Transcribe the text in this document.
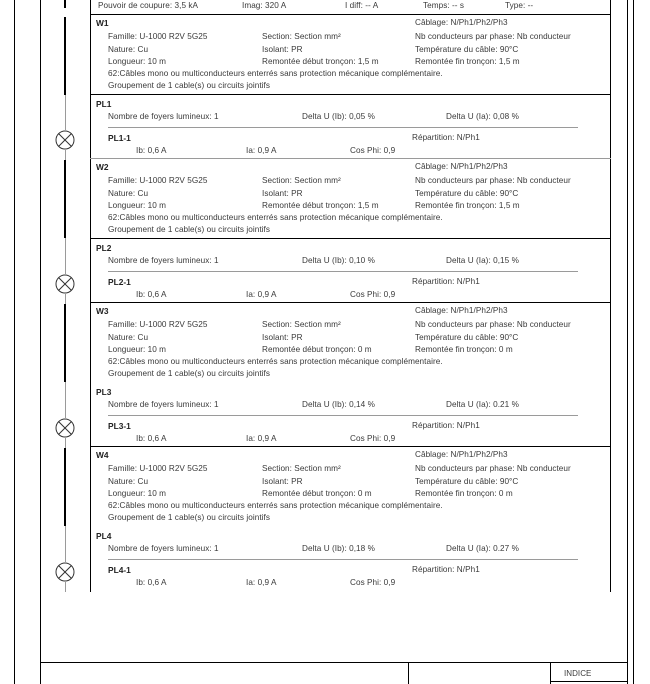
Pouvoir de coupure: 3,5 kA	Imag: 320 A	I diff: -- A	Temps: -- s	Type: --
W1	Câblage: N/Ph1/Ph2/Ph3
Famille: U-1000 R2V 5G25	Section: Section mm²	Nb conducteurs par phase: Nb conducteur
Nature: Cu	Isolant: PR	Température du câble: 90°C
Longueur: 10 m	Remontée début tronçon: 1,5 m	Remontée fin tronçon: 1,5 m
62:Câbles mono ou multiconducteurs enterrés sans protection mécanique complémentaire.
Groupement de 1 cable(s) ou circuits jointifs
PL1
Nombre de foyers lumineux: 1	Delta U (Ib): 0,05 %	Delta U (Ia): 0,08 %
PL1-1	Répartition: N/Ph1
Ib: 0,6 A	Ia: 0,9 A	Cos Phi: 0,9
W2	Câblage: N/Ph1/Ph2/Ph3
Famille: U-1000 R2V 5G25	Section: Section mm²	Nb conducteurs par phase: Nb conducteur
Nature: Cu	Isolant: PR	Température du câble: 90°C
Longueur: 10 m	Remontée début tronçon: 1,5 m	Remontée fin tronçon: 1,5 m
62:Câbles mono ou multiconducteurs enterrés sans protection mécanique complémentaire.
Groupement de 1 cable(s) ou circuits jointifs
PL2
Nombre de foyers lumineux: 1	Delta U (Ib): 0,10 %	Delta U (Ia): 0,15 %
PL2-1	Répartition: N/Ph1
Ib: 0,6 A	Ia: 0,9 A	Cos Phi: 0,9
W3	Câblage: N/Ph1/Ph2/Ph3
Famille: U-1000 R2V 5G25	Section: Section mm²	Nb conducteurs par phase: Nb conducteur
Nature: Cu	Isolant: PR	Température du câble: 90°C
Longueur: 10 m	Remontée début tronçon: 0 m	Remontée fin tronçon: 0 m
62:Câbles mono ou multiconducteurs enterrés sans protection mécanique complémentaire.
Groupement de 1 cable(s) ou circuits jointifs
PL3
Nombre de foyers lumineux: 1	Delta U (Ib): 0,14 %	Delta U (Ia): 0.21 %
PL3-1	Répartition: N/Ph1
Ib: 0,6 A	Ia: 0,9 A	Cos Phi: 0,9
W4	Câblage: N/Ph1/Ph2/Ph3
Famille: U-1000 R2V 5G25	Section: Section mm²	Nb conducteurs par phase: Nb conducteur
Nature: Cu	Isolant: PR	Température du câble: 90°C
Longueur: 10 m	Remontée début tronçon: 0 m	Remontée fin tronçon: 0 m
62:Câbles mono ou multiconducteurs enterrés sans protection mécanique complémentaire.
Groupement de 1 cable(s) ou circuits jointifs
PL4
Nombre de foyers lumineux: 1	Delta U (Ib): 0,18 %	Delta U (Ia): 0.27 %
PL4-1	Répartition: N/Ph1
Ib: 0,6 A	Ia: 0,9 A	Cos Phi: 0,9
INDICE
